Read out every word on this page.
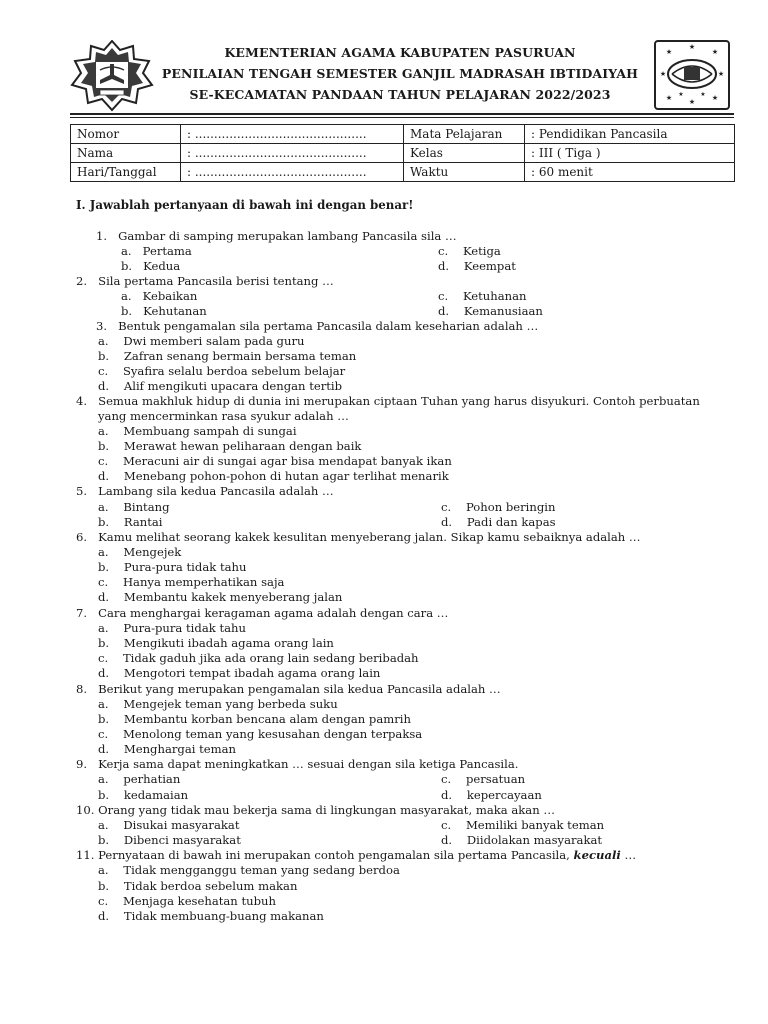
KEMENTERIAN AGAMA KABUPATEN PASURUAN
PENILAIAN TENGAH SEMESTER GANJIL MADRASAH IBTIDAIYAH
SE-KECAMATAN PANDAAN TAHUN PELAJARAN 2022/2023
★
★	★
★	★
★ ★ ★
★	★
Nomor	: .............................................	Mata Pelajaran	: Pendidikan Pancasila
Nama	: .............................................	Kelas	: III ( Tiga )
Hari/Tanggal	: .............................................	Waktu	: 60 menit
I. Jawablah pertanyaan di bawah ini dengan benar!
1. Gambar di samping merupakan lambang Pancasila sila …
a. Pertama
b. Kedua
c. Ketiga
d. Keempat
2. Sila pertama Pancasila berisi tentang …
a. Kebaikan
b. Kehutanan
c. Ketuhanan
d. Kemanusiaan
3. Bentuk pengamalan sila pertama Pancasila dalam keseharian adalah …
a. Dwi memberi salam pada guru
b. Zafran senang bermain bersama teman
c. Syafira selalu berdoa sebelum belajar
d. Alif mengikuti upacara dengan tertib
4. Semua makhluk hidup di dunia ini merupakan ciptaan Tuhan yang harus disyukuri. Contoh perbuatan
yang mencerminkan rasa syukur adalah …
a. Membuang sampah di sungai
b. Merawat hewan peliharaan dengan baik
c. Meracuni air di sungai agar bisa mendapat banyak ikan
d. Menebang pohon-pohon di hutan agar terlihat menarik
5. Lambang sila kedua Pancasila adalah …
a. Bintang
b. Rantai
c. Pohon beringin
d. Padi dan kapas
6. Kamu melihat seorang kakek kesulitan menyeberang jalan. Sikap kamu sebaiknya adalah …
a. Mengejek
b. Pura-pura tidak tahu
c. Hanya memperhatikan saja
d. Membantu kakek menyeberang jalan
7. Cara menghargai keragaman agama adalah dengan cara …
a. Pura-pura tidak tahu
b. Mengikuti ibadah agama orang lain
c. Tidak gaduh jika ada orang lain sedang beribadah
d. Mengotori tempat ibadah agama orang lain
8. Berikut yang merupakan pengamalan sila kedua Pancasila adalah …
a. Mengejek teman yang berbeda suku
b. Membantu korban bencana alam dengan pamrih
c. Menolong teman yang kesusahan dengan terpaksa
d. Menghargai teman
9. Kerja sama dapat meningkatkan … sesuai dengan sila ketiga Pancasila.
a. perhatian
b. kedamaian
c. persatuan
d. kepercayaan
10. Orang yang tidak mau bekerja sama di lingkungan masyarakat, maka akan …
a. Disukai masyarakat
b. Dibenci masyarakat
c. Memiliki banyak teman
d. Diidolakan masyarakat
11. Pernyataan di bawah ini merupakan contoh pengamalan sila pertama Pancasila, kecuali …
a. Tidak mengganggu teman yang sedang berdoa
b. Tidak berdoa sebelum makan
c. Menjaga kesehatan tubuh
d. Tidak membuang-buang makanan
